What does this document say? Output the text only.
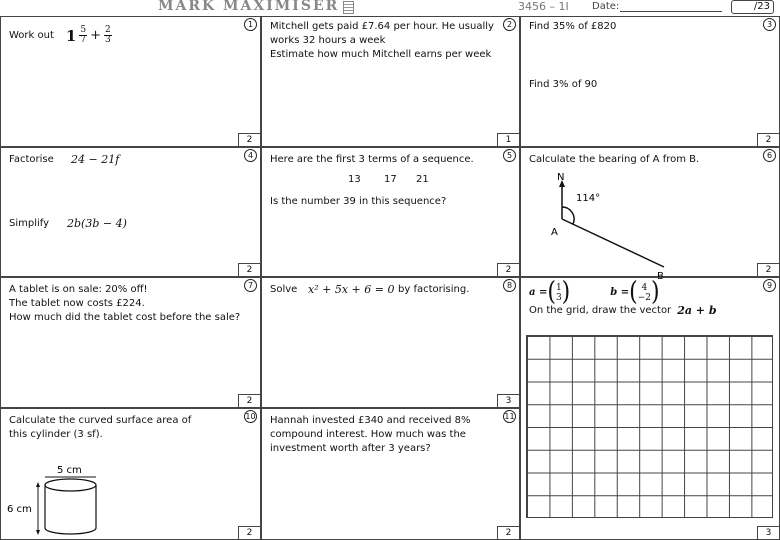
MARK MAXIMISER	3456 – 1I Date:	/23
1
Work out $1 \frac{5}{7} + \frac{2}{3}$
2
2
Mitchell gets paid £7.64 per hour. He usually works 32 hours a week
Estimate how much Mitchell earns per week
1
3
Find 35% of £820
Find 3% of 90
2
4
Factorise	24 − 21f
Simplify	2b(3b − 4)
2
5
Here are the first 3 terms of a sequence.
13	17	21
Is the number 39 in this sequence?
2
6
Calculate the bearing of A from B.
N
114°
A
B
2
7
A tablet is on sale: 20% off!
The tablet now costs £224.
How much did the tablet cost before the sale?
2
8
Solve x² + 5x + 6 = 0 by factorising.
3
9
a = ( 1
3 )	b = ( 4
−2 )
On the grid, draw the vector 2a + b
3
10
Calculate the curved surface area of
this cylinder (3 sf).
5 cm
6 cm
2
11
Hannah invested £340 and received 8%
compound interest. How much was the
investment worth after 3 years?
2
